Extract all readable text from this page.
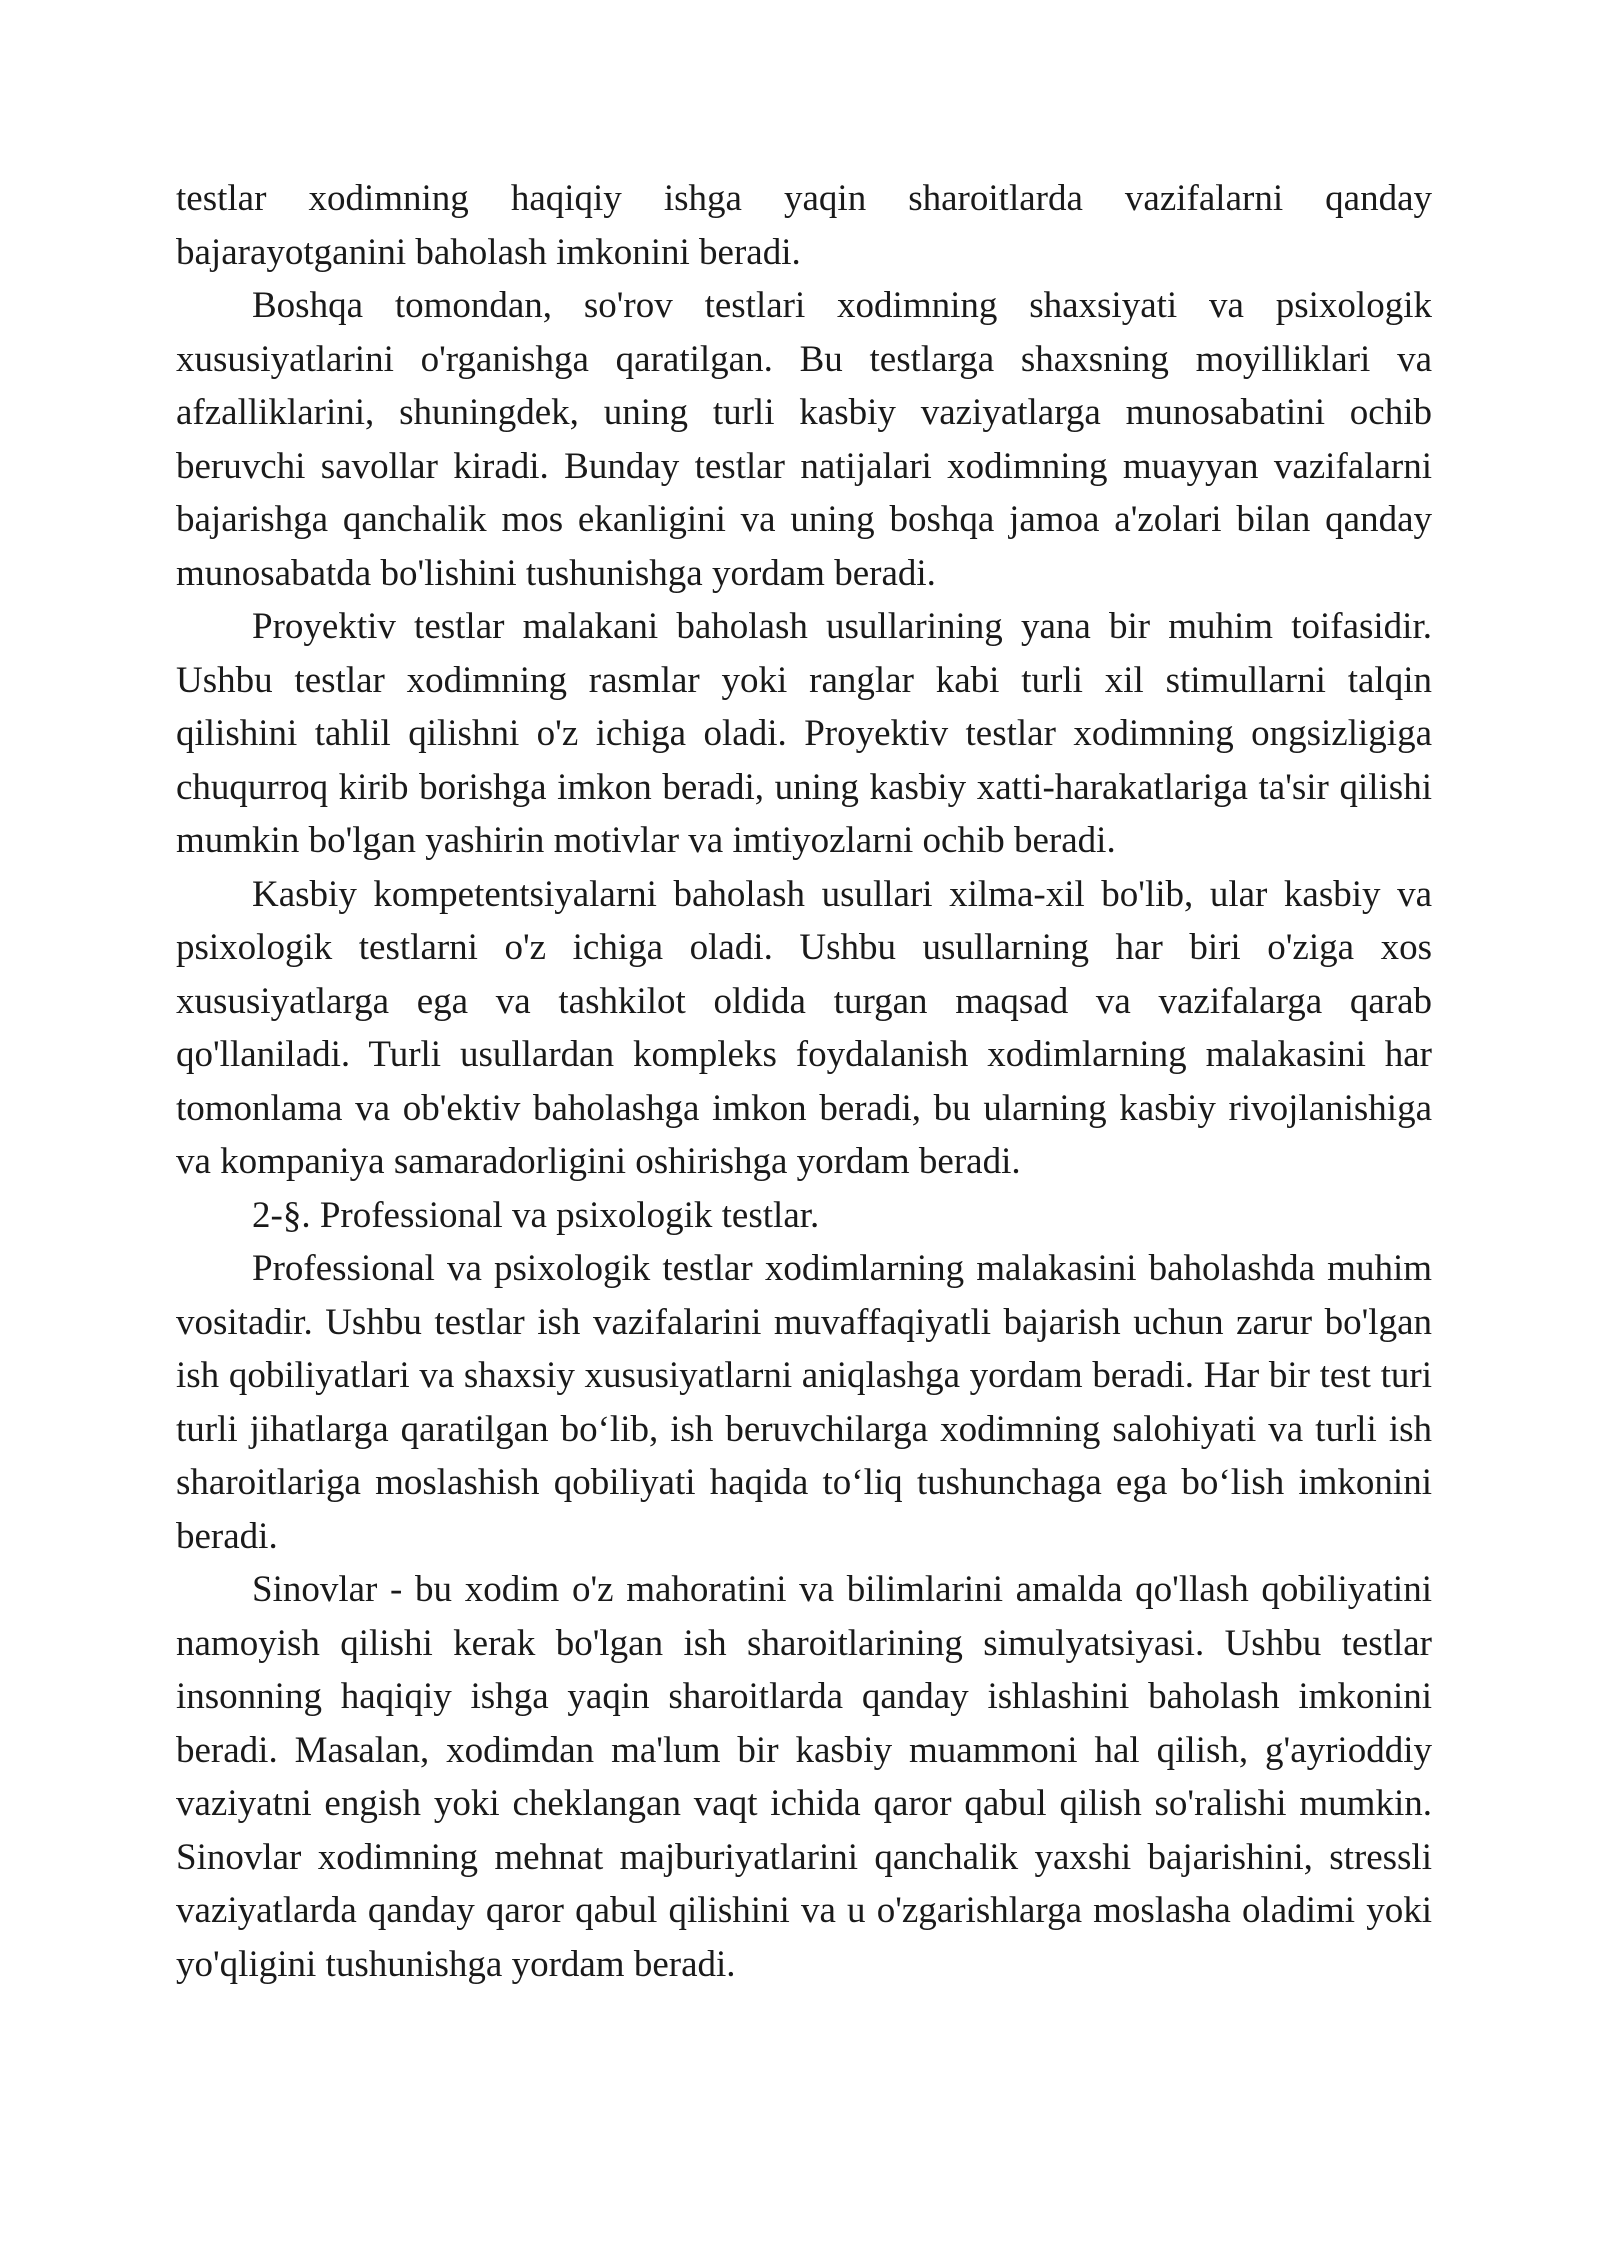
testlar xodimning haqiqiy ishga yaqin sharoitlarda vazifalarni qanday bajarayotganini baholash imkonini beradi.

Boshqa tomondan, so'rov testlari xodimning shaxsiyati va psixologik xususiyatlarini o'rganishga qaratilgan. Bu testlarga shaxsning moyilliklari va afzalliklarini, shuningdek, uning turli kasbiy vaziyatlarga munosabatini ochib beruvchi savollar kiradi. Bunday testlar natijalari xodimning muayyan vazifalarni bajarishga qanchalik mos ekanligini va uning boshqa jamoa a'zolari bilan qanday munosabatda bo'lishini tushunishga yordam beradi.

Proyektiv testlar malakani baholash usullarining yana bir muhim toifasidir. Ushbu testlar xodimning rasmlar yoki ranglar kabi turli xil stimullarni talqin qilishini tahlil qilishni o'z ichiga oladi. Proyektiv testlar xodimning ongsizligiga chuqurroq kirib borishga imkon beradi, uning kasbiy xatti-harakatlariga ta'sir qilishi mumkin bo'lgan yashirin motivlar va imtiyozlarni ochib beradi.

Kasbiy kompetentsiyalarni baholash usullari xilma-xil bo'lib, ular kasbiy va psixologik testlarni o'z ichiga oladi. Ushbu usullarning har biri o'ziga xos xususiyatlarga ega va tashkilot oldida turgan maqsad va vazifalarga qarab qo'llaniladi. Turli usullardan kompleks foydalanish xodimlarning malakasini har tomonlama va ob'ektiv baholashga imkon beradi, bu ularning kasbiy rivojlanishiga va kompaniya samaradorligini oshirishga yordam beradi.

2-§. Professional va psixologik testlar.

Professional va psixologik testlar xodimlarning malakasini baholashda muhim vositadir. Ushbu testlar ish vazifalarini muvaffaqiyatli bajarish uchun zarur bo'lgan ish qobiliyatlari va shaxsiy xususiyatlarni aniqlashga yordam beradi. Har bir test turi turli jihatlarga qaratilgan bo‘lib, ish beruvchilarga xodimning salohiyati va turli ish sharoitlariga moslashish qobiliyati haqida to‘liq tushunchaga ega bo‘lish imkonini beradi.

Sinovlar - bu xodim o'z mahoratini va bilimlarini amalda qo'llash qobiliyatini namoyish qilishi kerak bo'lgan ish sharoitlarining simulyatsiyasi. Ushbu testlar insonning haqiqiy ishga yaqin sharoitlarda qanday ishlashini baholash imkonini beradi. Masalan, xodimdan ma'lum bir kasbiy muammoni hal qilish, g'ayrioddiy vaziyatni engish yoki cheklangan vaqt ichida qaror qabul qilish so'ralishi mumkin. Sinovlar xodimning mehnat majburiyatlarini qanchalik yaxshi bajarishini, stressli vaziyatlarda qanday qaror qabul qilishini va u o'zgarishlarga moslasha oladimi yoki yo'qligini tushunishga yordam beradi.
